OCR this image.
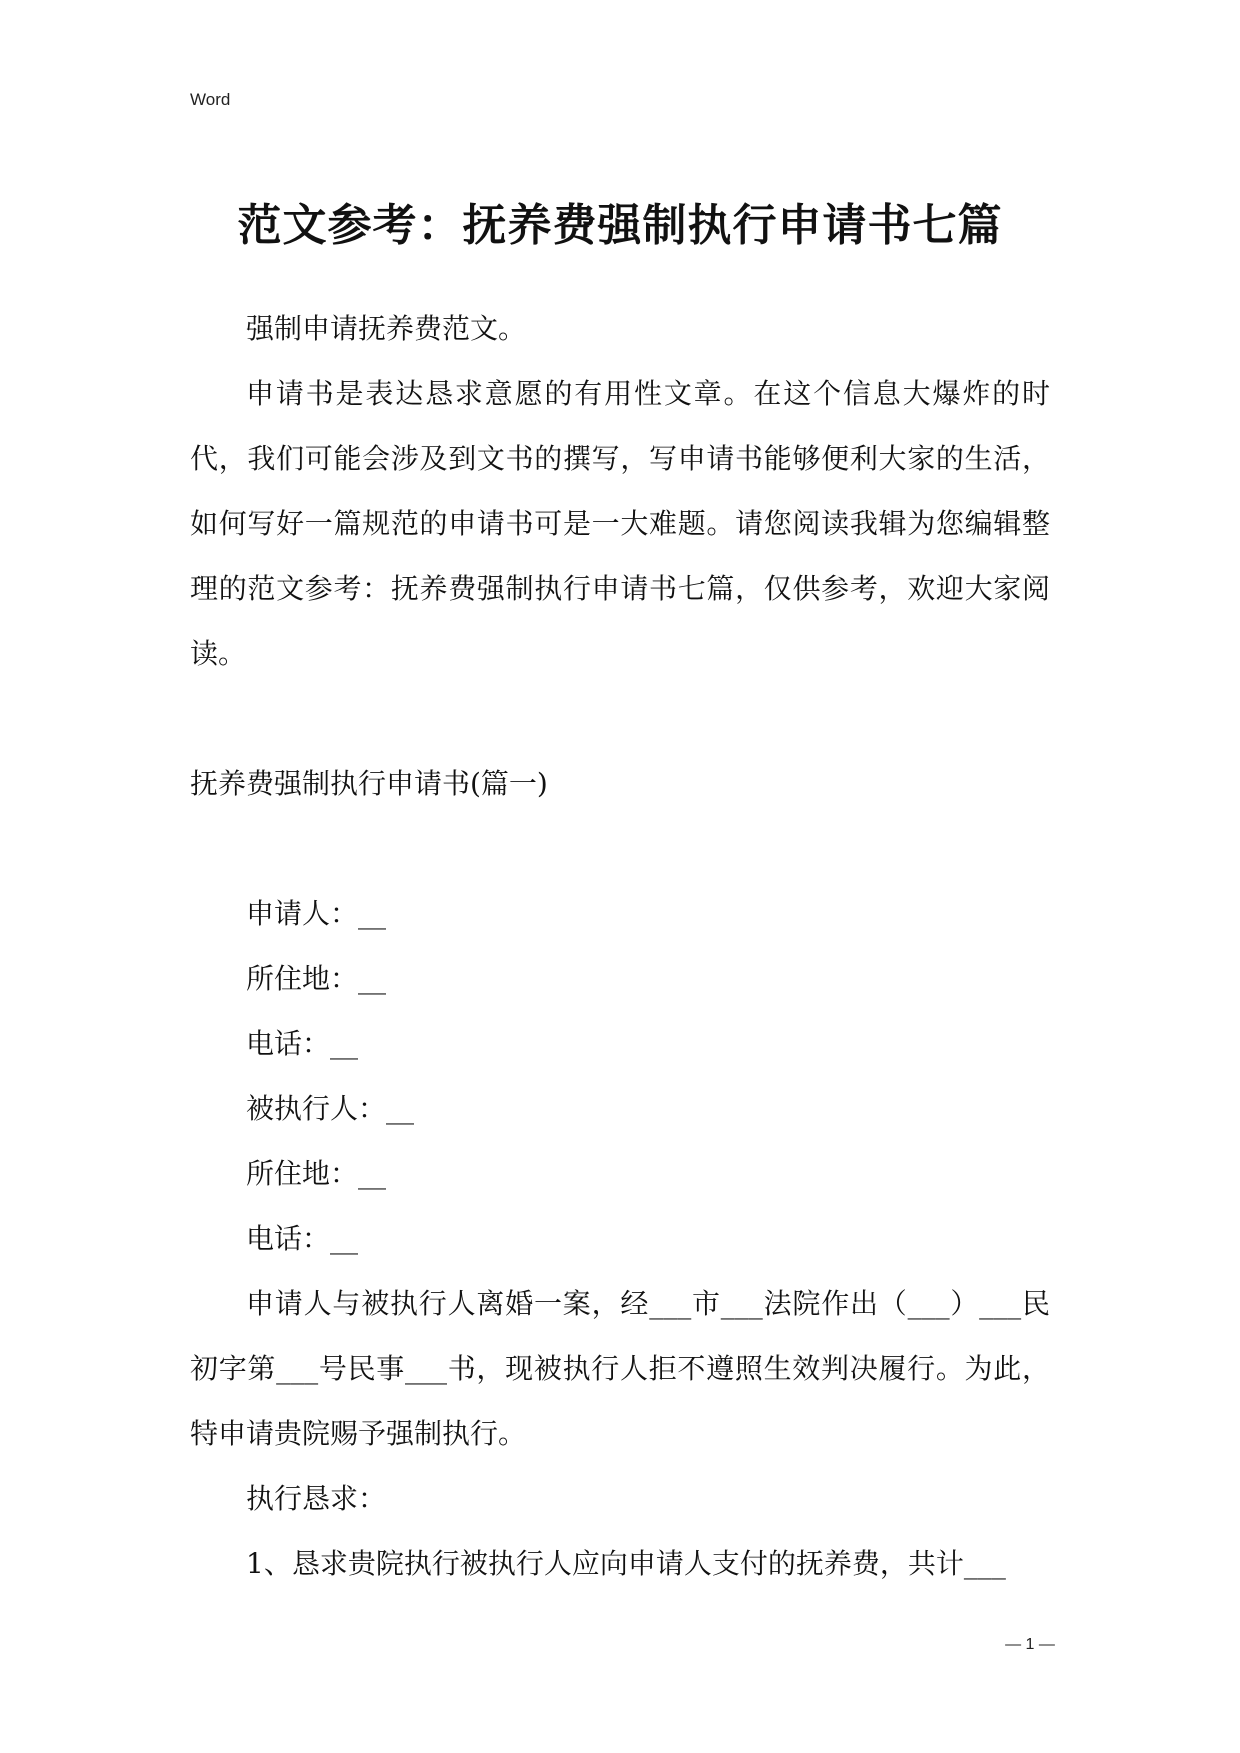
Word
范文参考：抚养费强制执行申请书七篇

强制申请抚养费范文。

申请书是表达恳求意愿的有用性文章。在这个信息大爆炸的时代，我们可能会涉及到文书的撰写，写申请书能够便利大家的生活，如何写好一篇规范的申请书可是一大难题。请您阅读我辑为您编辑整理的范文参考：抚养费强制执行申请书七篇，仅供参考，欢迎大家阅读。

抚养费强制执行申请书(篇一)

申请人：__

所住地：__

电话：__

被执行人：__

所住地：__

电话：__

申请人与被执行人离婚一案，经___市___法院作出（___）___民初字第___号民事___书，现被执行人拒不遵照生效判决履行。为此，特申请贵院赐予强制执行。

执行恳求：

1、恳求贵院执行被执行人应向申请人支付的抚养费，共计___

— 1 —
